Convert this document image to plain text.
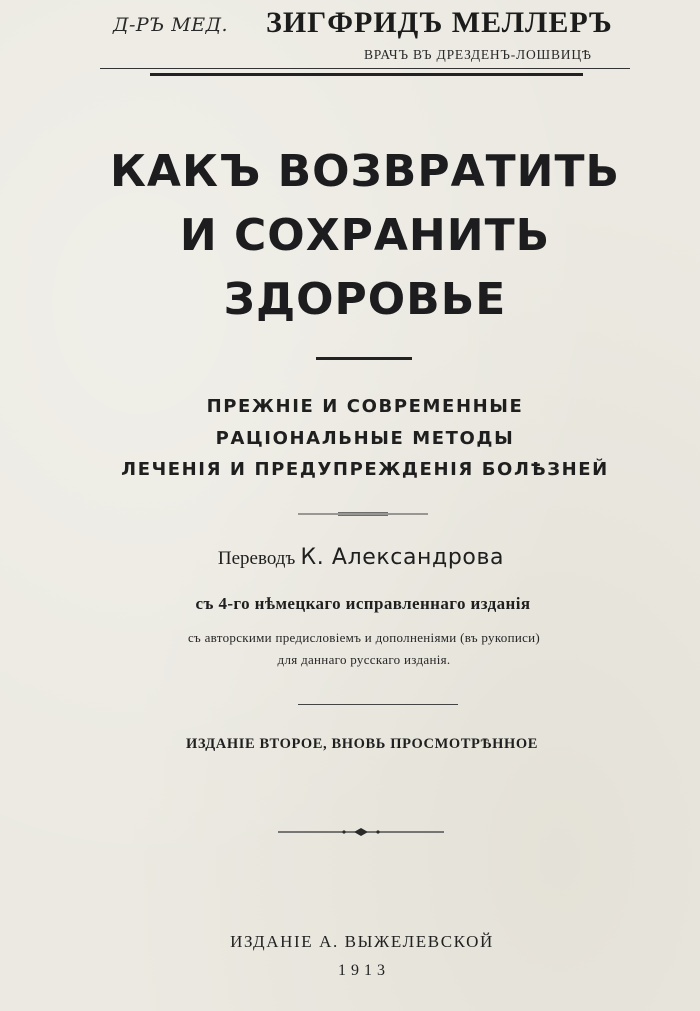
Д-РЪ МЕД. ЗИГФРИДЪ МЕЛЛЕРЪ
ВРАЧЪ ВЪ ДРЕЗДЕНЪ-ЛОШВИЦѢ
КАКЪ ВОЗВРАТИТЬ
И СОХРАНИТЬ
ЗДОРОВЬЕ
ПРЕЖНІЕ И СОВРЕМЕННЫЕ
РАЦІОНАЛЬНЫЕ МЕТОДЫ
ЛЕЧЕНІЯ И ПРЕДУПРЕЖДЕНІЯ БОЛѢЗНЕЙ
Переводъ К. Александрова
съ 4-го нѣмецкаго исправленнаго изданія
съ авторскими предисловіемъ и дополненіями (въ рукописи)
для даннаго русскаго изданія.
ИЗДАНІЕ ВТОРОЕ, ВНОВЬ ПРОСМОТРѢННОЕ
ИЗДАНІЕ А. ВЫЖЕЛЕВСКОЙ
1913
